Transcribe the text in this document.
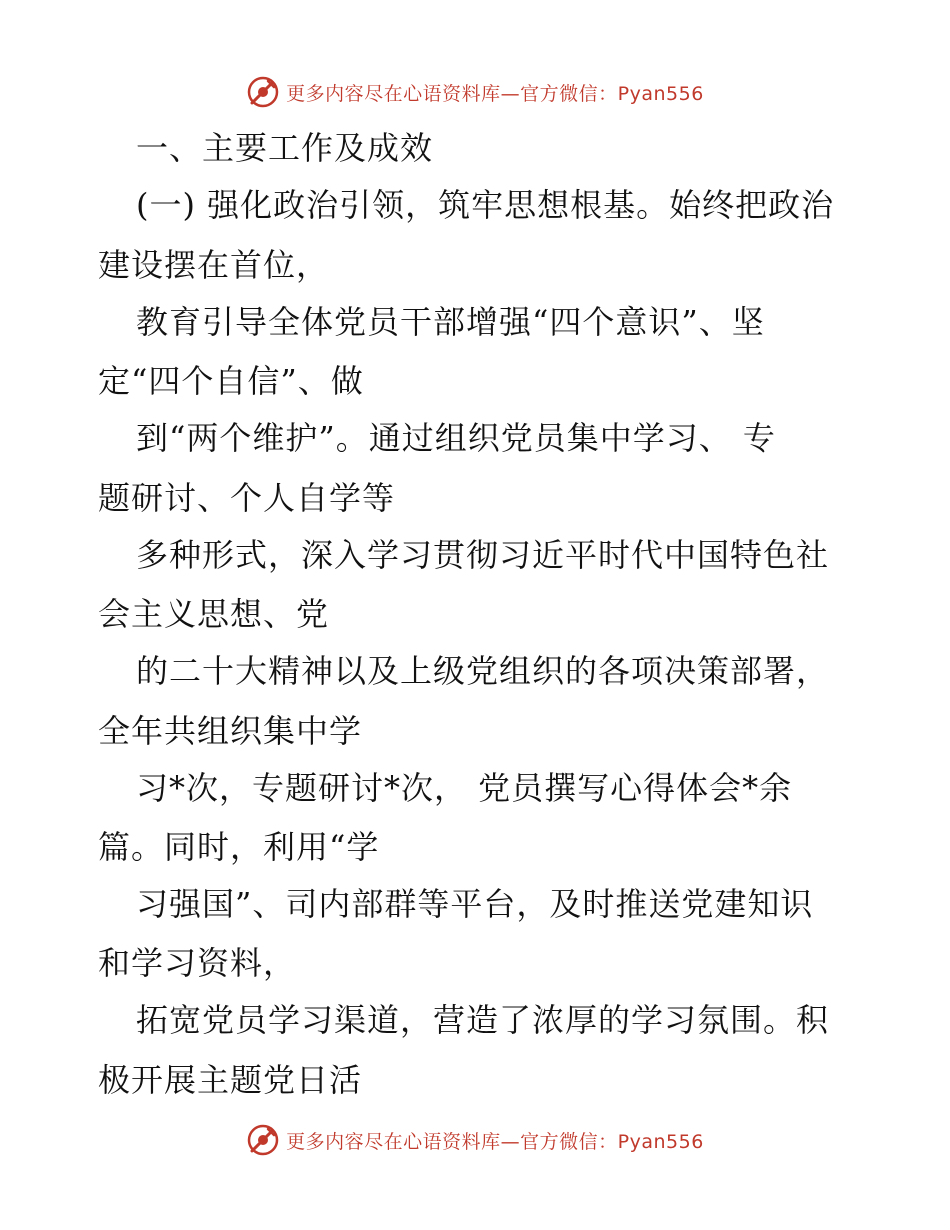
更多内容尽在心语资料库—官方微信：Pyan556
一、主要工作及成效
(一) 强化政治引领，筑牢思想根基。始终把政治
建设摆在首位，
教育引导全体党员干部增强“四个意识”、坚
定“四个自信”、做
到“两个维护”。通过组织党员集中学习、 专
题研讨、个人自学等
多种形式，深入学习贯彻习近平时代中国特色社
会主义思想、党
的二十大精神以及上级党组织的各项决策部署，
全年共组织集中学
习*次，专题研讨*次， 党员撰写心得体会*余
篇。同时，利用“学
习强国”、司内部群等平台，及时推送党建知识
和学习资料，
拓宽党员学习渠道，营造了浓厚的学习氛围。积
极开展主题党日活
更多内容尽在心语资料库—官方微信：Pyan556
